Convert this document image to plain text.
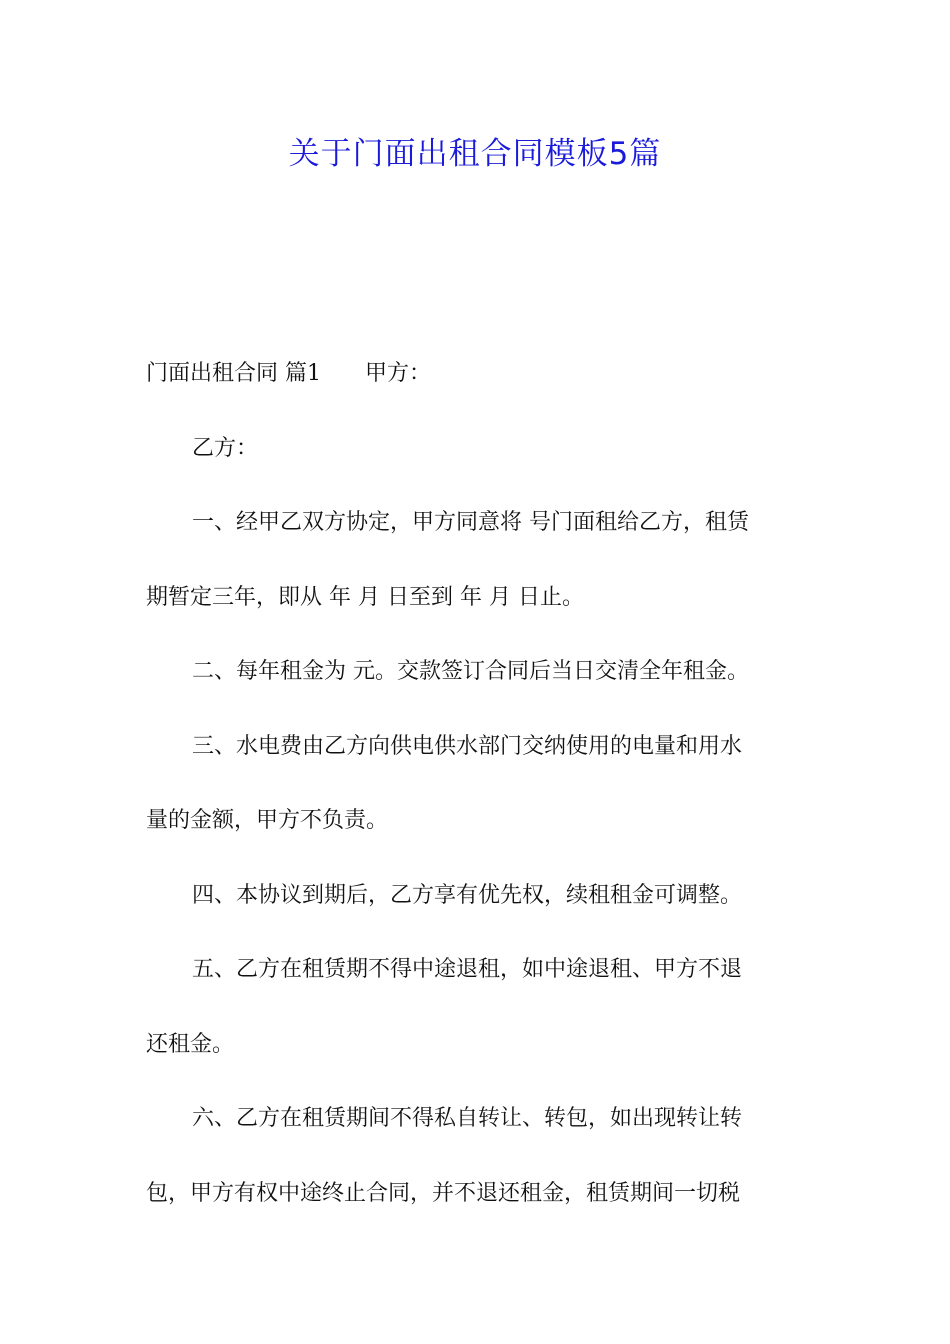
关于门面出租合同模板5篇
门面出租合同 篇1 甲方：
乙方：
一、经甲乙双方协定，甲方同意将 号门面租给乙方，租赁
期暂定三年，即从 年 月 日至到 年 月 日止。
二、每年租金为 元。交款签订合同后当日交清全年租金。
三、水电费由乙方向供电供水部门交纳使用的电量和用水
量的金额，甲方不负责。
四、本协议到期后，乙方享有优先权，续租租金可调整。
五、乙方在租赁期不得中途退租，如中途退租、甲方不退
还租金。
六、乙方在租赁期间不得私自转让、转包，如出现转让转
包，甲方有权中途终止合同，并不退还租金，租赁期间一切税
